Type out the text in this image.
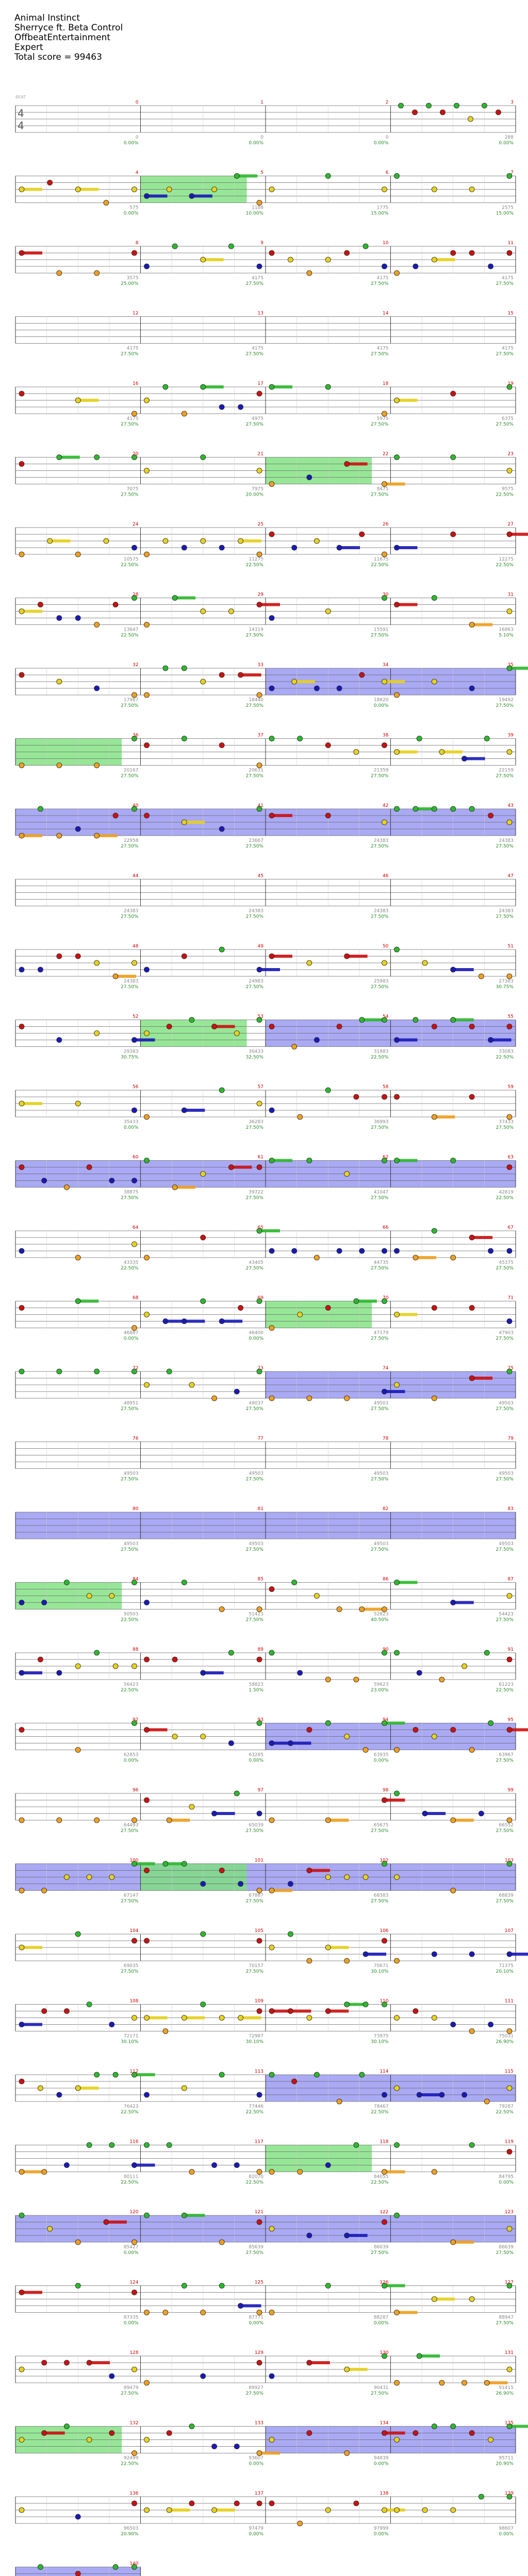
Animal Instinct
Sherryce ft. Beta Control
OffbeatEntertainment
Expert
Total score = 99463
0
0
0.00%
1
0
0.00%
2
0
0.00%
3
288
0.00%
4
4
BEAT
4
575
0.00%
5
1188
10.00%
6
1775
15.00%
7
2575
15.00%
8
3575
25.00%
9
4175
27.50%
10
4175
27.50%
11
4175
27.50%
12
4175
27.50%
13
4175
27.50%
14
4175
27.50%
15
4175
27.50%
16
4175
27.50%
17
4975
27.50%
18
5975
27.50%
19
6375
27.50%
20
7075
27.50%
21
7975
20.00%
22
8475
27.50%
23
9575
22.50%
24
10575
22.50%
25
11275
22.50%
26
11675
22.50%
27
12275
22.50%
28
13647
22.50%
29
14319
27.50%
30
15591
27.50%
31
16863
5.10%
32
17987
27.50%
33
18440
27.50%
34
18820
0.00%
35
19492
27.50%
36
20167
27.50%
37
20631
27.50%
38
21359
27.50%
39
22159
27.50%
40
22958
27.50%
41
23667
27.50%
42
24383
27.50%
43
24383
27.50%
44
24383
27.50%
45
24383
27.50%
46
24383
27.50%
47
24383
27.50%
48
24383
27.50%
49
24983
27.50%
50
25983
27.50%
51
27383
30.75%
52
29383
30.75%
53
30433
32.50%
54
31883
22.50%
55
33083
22.50%
56
35433
0.00%
57
36283
27.50%
58
36993
27.50%
59
37433
27.50%
60
38875
27.50%
61
39722
27.50%
62
41047
27.50%
63
42819
22.50%
64
43335
22.50%
65
43405
27.50%
66
44735
27.50%
67
45375
27.50%
68
46887
0.00%
69
46400
0.00%
70
47179
27.50%
71
47903
27.50%
72
48951
27.50%
73
49037
27.50%
74
49503
27.50%
75
49503
27.50%
76
49503
27.50%
77
49503
27.50%
78
49503
27.50%
79
49503
27.50%
80
49503
27.50%
81
49503
27.50%
82
49503
27.50%
83
49503
27.50%
84
50503
22.50%
85
51423
27.50%
86
52823
40.50%
87
54423
27.50%
88
56423
22.50%
89
58823
1.50%
90
59623
23.00%
91
61223
22.50%
92
62853
0.00%
93
63285
0.00%
94
63935
0.00%
95
63967
27.50%
96
64493
27.50%
97
65039
27.50%
98
65675
27.50%
99
66552
27.50%
100
67147
27.50%
101
67887
27.50%
102
68383
27.50%
103
68839
27.50%
104
69035
27.50%
105
70157
27.50%
106
70671
30.10%
107
71375
20.10%
108
72171
30.10%
109
72987
30.10%
110
73975
30.10%
111
75031
26.90%
112
76423
22.50%
113
77446
22.50%
114
78467
22.50%
115
79287
22.50%
116
80111
22.50%
117
82070
22.50%
118
84055
22.50%
119
84795
0.00%
120
85427
0.00%
121
85639
27.50%
122
86039
27.50%
123
86639
27.50%
124
87335
0.00%
125
87771
0.00%
126
88287
0.00%
127
88947
27.50%
128
89479
27.50%
129
89927
27.50%
130
90431
27.50%
131
91415
26.90%
132
92499
22.50%
133
93607
0.00%
134
94839
0.00%
135
95711
20.90%
136
96503
20.90%
137
97479
0.00%
138
97999
0.00%
139
98607
0.00%
140
